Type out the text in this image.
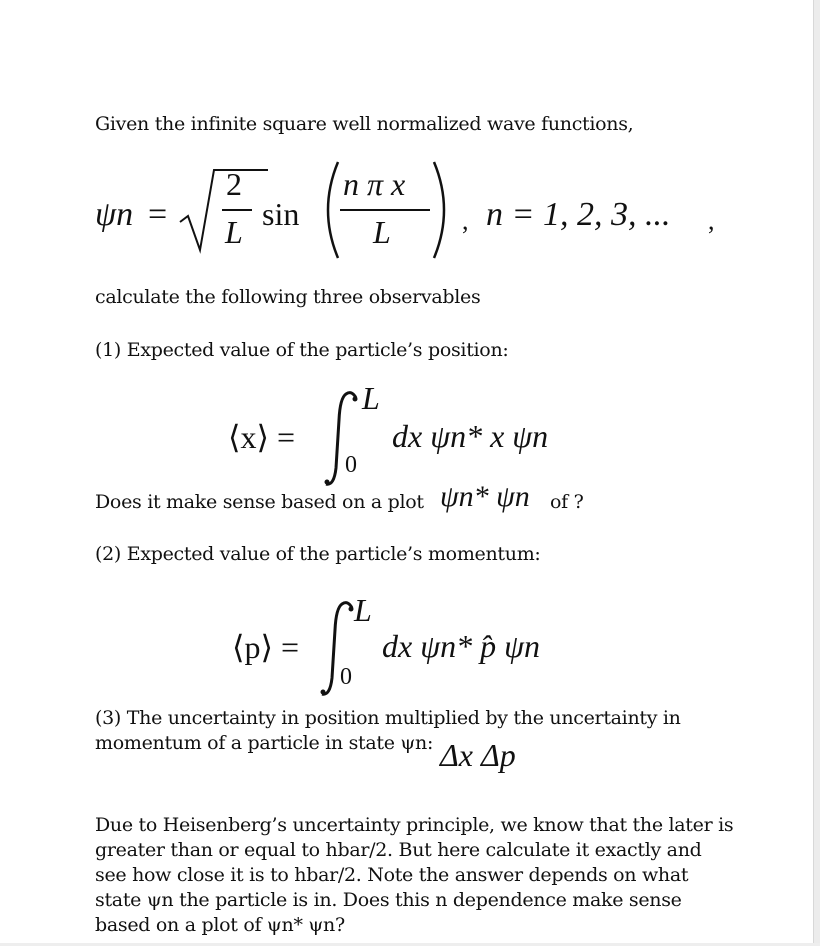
Given the infinite square well normalized wave functions,
ψn =
2
L sin
n π x
L	, n = 1, 2, 3, ... ,
calculate the following three observables
(1) Expected value of the particle’s position:
⟨x⟩ =
L
0
dx ψn* x ψn
Does it make sense based on a plot ψn* ψn of ?
(2) Expected value of the particle’s momentum:
⟨p⟩ =
L
0
dx ψn* p̂ ψn
(3) The uncertainty in position multiplied by the uncertainty in
momentum of a particle in state ψn: Δx Δp
Due to Heisenberg’s uncertainty principle, we know that the later is greater than or equal to hbar/2. But here calculate it exactly and see how close it is to hbar/2. Note the answer depends on what state ψn the particle is in. Does this n dependence make sense based on a plot of ψn* ψn?
